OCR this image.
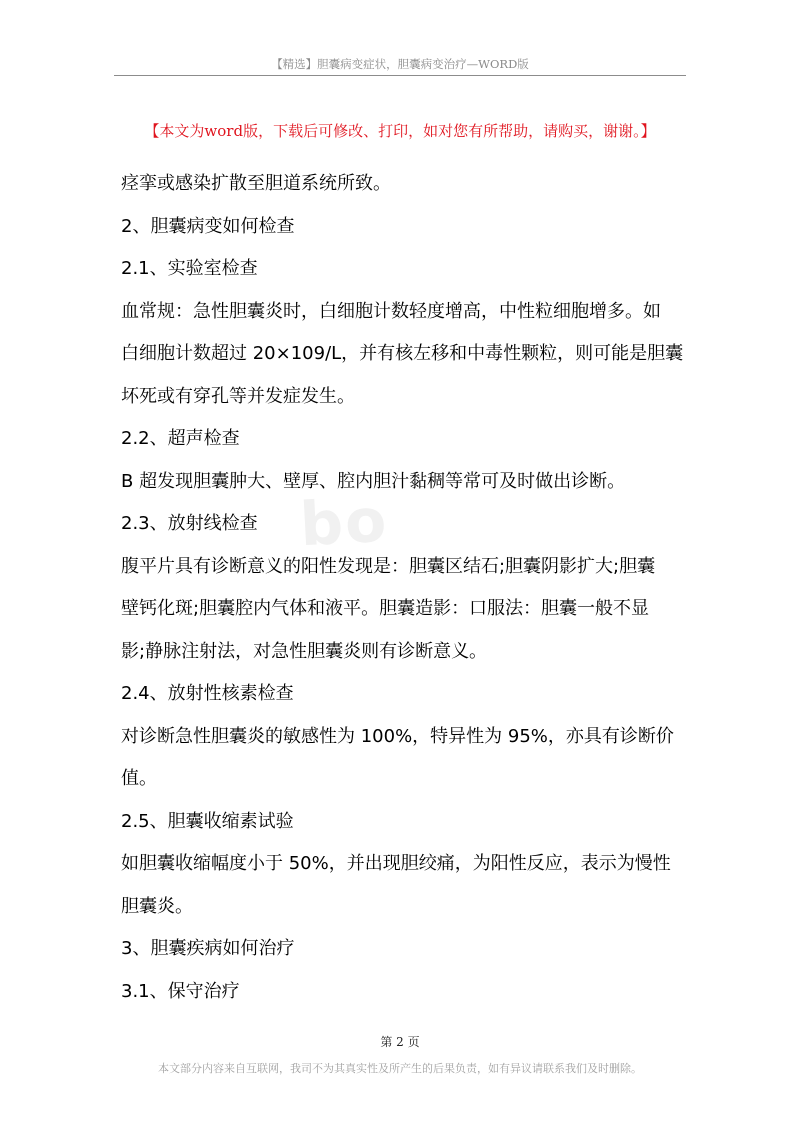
【精选】胆囊病变症状，胆囊病变治疗—WORD版
【本文为word版，下载后可修改、打印，如对您有所帮助，请购买，谢谢。】
bo
痉挛或感染扩散至胆道系统所致。
2、胆囊病变如何检查
2.1、实验室检查
血常规：急性胆囊炎时，白细胞计数轻度增高，中性粒细胞增多。如
白细胞计数超过 20×109/L，并有核左移和中毒性颗粒，则可能是胆囊
坏死或有穿孔等并发症发生。
2.2、超声检查
B 超发现胆囊肿大、壁厚、腔内胆汁黏稠等常可及时做出诊断。
2.3、放射线检查
腹平片具有诊断意义的阳性发现是：胆囊区结石;胆囊阴影扩大;胆囊
壁钙化斑;胆囊腔内气体和液平。胆囊造影：口服法：胆囊一般不显
影;静脉注射法，对急性胆囊炎则有诊断意义。
2.4、放射性核素检查
对诊断急性胆囊炎的敏感性为 100%，特异性为 95%，亦具有诊断价
值。
2.5、胆囊收缩素试验
如胆囊收缩幅度小于 50%，并出现胆绞痛，为阳性反应，表示为慢性
胆囊炎。
3、胆囊疾病如何治疗
3.1、保守治疗
第 2 页
本文部分内容来自互联网，我司不为其真实性及所产生的后果负责，如有异议请联系我们及时删除。
